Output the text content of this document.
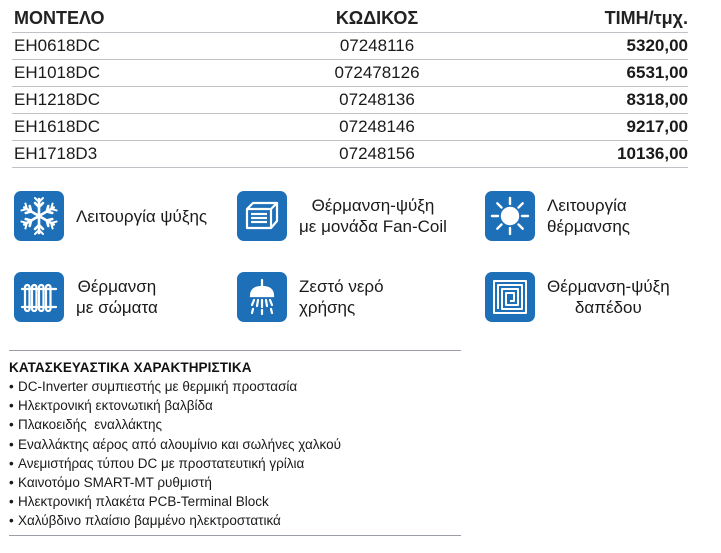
ΜΟΝΤΕΛΟ	ΚΩΔΙΚΟΣ	ΤΙΜΗ/τμχ.
EH0618DC	07248116	5320,00
EH1018DC	072478126	6531,00
EH1218DC	07248136	8318,00
EH1618DC	07248146	9217,00
EH1718D3	07248156	10136,00
Λειτουργία ψύξης
Θέρμανση-ψύξη
με μονάδα Fan-Coil
Λειτουργία
θέρμανσης
Θέρμανση
με σώματα
Ζεστό νερό
χρήσης
Θέρμανση-ψύξη
δαπέδου
ΚΑΤΑΣΚΕΥΑΣΤΙΚΑ ΧΑΡΑΚΤΗΡΙΣΤΙΚΑ
• DC-Inverter συμπιεστής με θερμική προστασία
• Ηλεκτρονική εκτονωτική βαλβίδα
• Πλακοειδής  εναλλάκτης
• Εναλλάκτης αέρος από αλουμίνιο και σωλήνες χαλκού
• Ανεμιστήρας τύπου DC με προστατευτική γρίλια
• Καινοτόμο SMART-MT ρυθμιστή
• Ηλεκτρονική πλακέτα PCB-Terminal Block
• Χαλύβδινο πλαίσιο βαμμένο ηλεκτροστατικά
